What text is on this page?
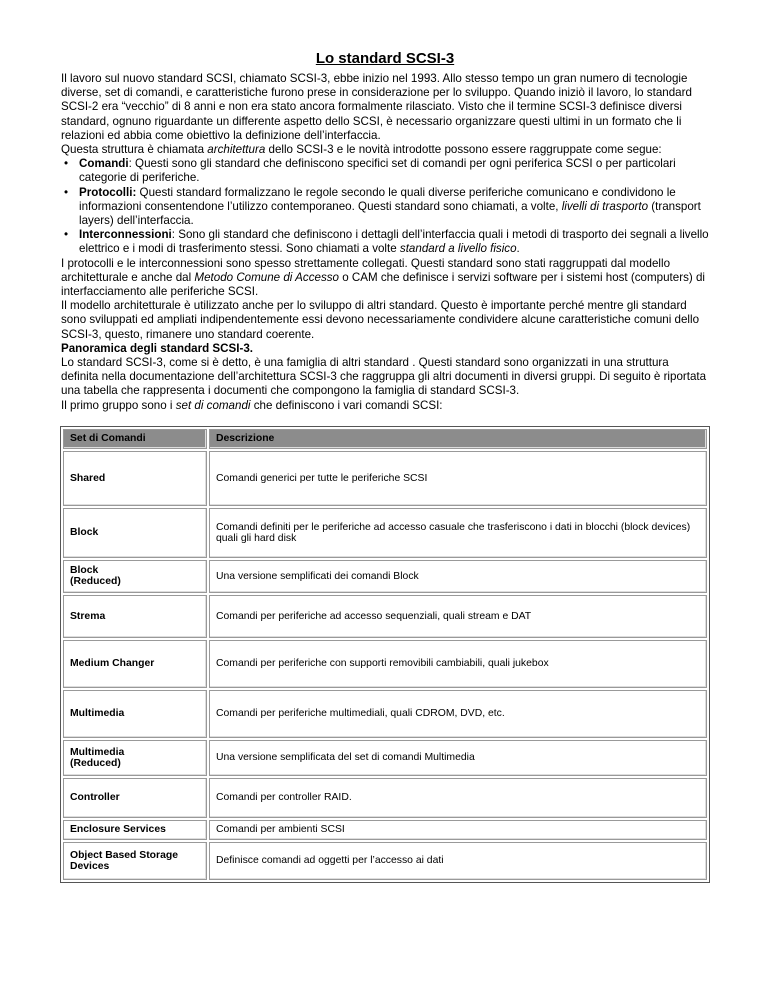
Lo standard SCSI-3

Il lavoro sul nuovo standard SCSI, chiamato SCSI-3, ebbe inizio nel 1993. Allo stesso tempo un gran numero di tecnologie diverse, set di comandi, e caratteristiche furono prese in considerazione per lo sviluppo. Quando iniziò il lavoro, lo standard SCSI-2 era “vecchio” di 8 anni e non era stato ancora formalmente rilasciato. Visto che il termine SCSI-3 definisce diversi standard, ognuno riguardante un differente aspetto dello SCSI, è necessario organizzare questi ultimi in un formato che li relazioni ed abbia come obiettivo la definizione dell’interfaccia.

Questa struttura è chiamata architettura dello SCSI-3 e le novità introdotte possono essere raggruppate come segue:

• Comandi: Questi sono gli standard che definiscono specifici set di comandi per ogni periferica SCSI o per particolari categorie di periferiche.
• Protocolli: Questi standard formalizzano le regole secondo le quali diverse periferiche comunicano e condividono le informazioni consentendone l’utilizzo contemporaneo. Questi standard sono chiamati, a volte, livelli di trasporto (transport layers) dell’interfaccia.
• Interconnessioni: Sono gli standard che definiscono i dettagli dell’interfaccia quali i metodi di trasporto dei segnali a livello elettrico e i modi di trasferimento stessi. Sono chiamati a volte standard a livello fisico.

I protocolli e le interconnessioni sono spesso strettamente collegati. Questi standard sono stati raggruppati dal modello architetturale e anche dal Metodo Comune di Accesso o CAM che definisce i servizi software per i sistemi host (computers) di interfacciamento alle periferiche SCSI.

Il modello architetturale è utilizzato anche per lo sviluppo di altri standard. Questo è importante perché mentre gli standard sono sviluppati ed ampliati indipendentemente essi devono necessariamente condividere alcune caratteristiche comuni dello SCSI-3, questo, rimanere uno standard coerente.

Panoramica degli standard SCSI-3.

Lo standard SCSI-3, come si è detto, è una famiglia di altri standard . Questi standard sono organizzati in una struttura definita nella documentazione dell’architettura SCSI-3 che raggruppa gli altri documenti in diversi gruppi. Di seguito è riportata una tabella che rappresenta i documenti che compongono la famiglia di standard SCSI-3.

Il primo gruppo sono i set di comandi che definiscono i vari comandi SCSI:

Set di Comandi	Descrizione
Shared	Comandi generici per tutte le periferiche SCSI
Block	Comandi definiti per le periferiche ad accesso casuale che trasferiscono i dati in blocchi (block devices) quali gli hard disk
Block
(Reduced)	Una versione semplificati dei comandi Block
Strema	Comandi per periferiche ad accesso sequenziali, quali stream e DAT
Medium Changer	Comandi per periferiche con supporti removibili cambiabili, quali jukebox
Multimedia	Comandi per periferiche multimediali, quali CDROM, DVD, etc.
Multimedia
(Reduced)	Una versione semplificata del set di comandi Multimedia
Controller	Comandi per controller RAID.
Enclosure Services	Comandi per ambienti SCSI
Object Based Storage Devices	Definisce comandi ad oggetti per l’accesso ai dati
